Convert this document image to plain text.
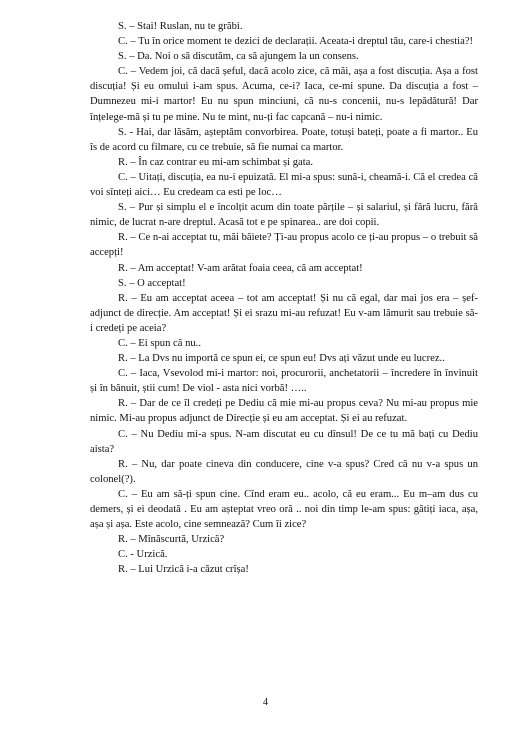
S. – Stai! Ruslan, nu te grăbi.

C. – Tu în orice moment te dezici de declarații. Aceata-i dreptul tău, care-i chestia?!

S. – Da. Noi o să discutăm, ca să ajungem la un consens.

C. – Vedem joi, că dacă șeful, dacă acolo zice, că măi, așa a fost discuția. Așa a fost discuția! Și eu omului i-am spus. Acuma, ce-i? Iaca, ce-mi spune. Da discuția a fost – Dumnezeu mi-i martor! Eu nu spun minciuni, că nu-s concenii, nu-s lepădătură! Dar înțelege-mă și tu pe mine. Nu te mint, nu-ți fac capcană – nu-i nimic.

S. - Hai, dar lăsăm, așteptăm convorbirea. Poate, totuși bateți, poate a fi martor.. Eu îs de acord cu filmare, cu ce trebuie, să fie numai ca martor.

R. – În caz contrar eu mi-am schimbat și gata.

C. – Uitați, discuția, ea nu-i epuizată. El mi-a spus: sună-i, cheamă-i. Că el credea că voi sînteți aici… Eu credeam ca esti pe loc…

S. – Pur și simplu el e încolțit acum din toate părțile – și salariul, și fără lucru, fără nimic, de lucrat n-are dreptul. Acasă tot e pe spinarea.. are doi copii.

R. – Ce n-ai acceptat tu, măi băiete? Ți-au propus acolo ce ți-au propus – o trebuit să accepți!

R. – Am acceptat! V-am arătat foaia ceea, că am acceptat!

S. – O acceptat!

R. – Eu am acceptat aceea – tot am acceptat! Și nu că egal, dar mai jos era – șef-adjunct de direcție. Am acceptat! Și ei srazu mi-au refuzat! Eu v-am lămurit sau trebuie să-i credeți pe aceia?

C. – Ei spun că nu..

R. – La Dvs nu importă ce spun ei, ce spun eu! Dvs ați văzut unde eu lucrez..

C. – Iaca, Vsevolod mi-i martor: noi, procurorii, anchetatorii – încredere în învinuit și în bănuit, știi cum! De viol - asta nici vorbă! …..

R. – Dar de ce îl credeți pe Dediu că mie mi-au propus ceva? Nu mi-au propus mie nimic. Mi-au propus adjunct de Direcție și eu am acceptat. Și ei au refuzat.

C. – Nu Dediu mi-a spus. N-am discutat eu cu dînsul! De ce tu mă bați cu Dediu aista?

R. – Nu, dar poate cineva din conducere, cine v-a spus? Cred că nu v-a spus un colonel(?).

C. – Eu am să-ți spun cine. Cînd eram eu.. acolo, că eu eram... Eu m–am dus cu demers, și ei deodată . Eu am așteptat vreo oră .. noi din timp le-am spus: gătiți iaca, așa, așa și așa. Este acolo, cine semnează? Cum îi zice?

R. – Mînăscurtă, Urzică?

C. - Urzică.

R. – Lui Urzică i-a căzut crîșa!

4
